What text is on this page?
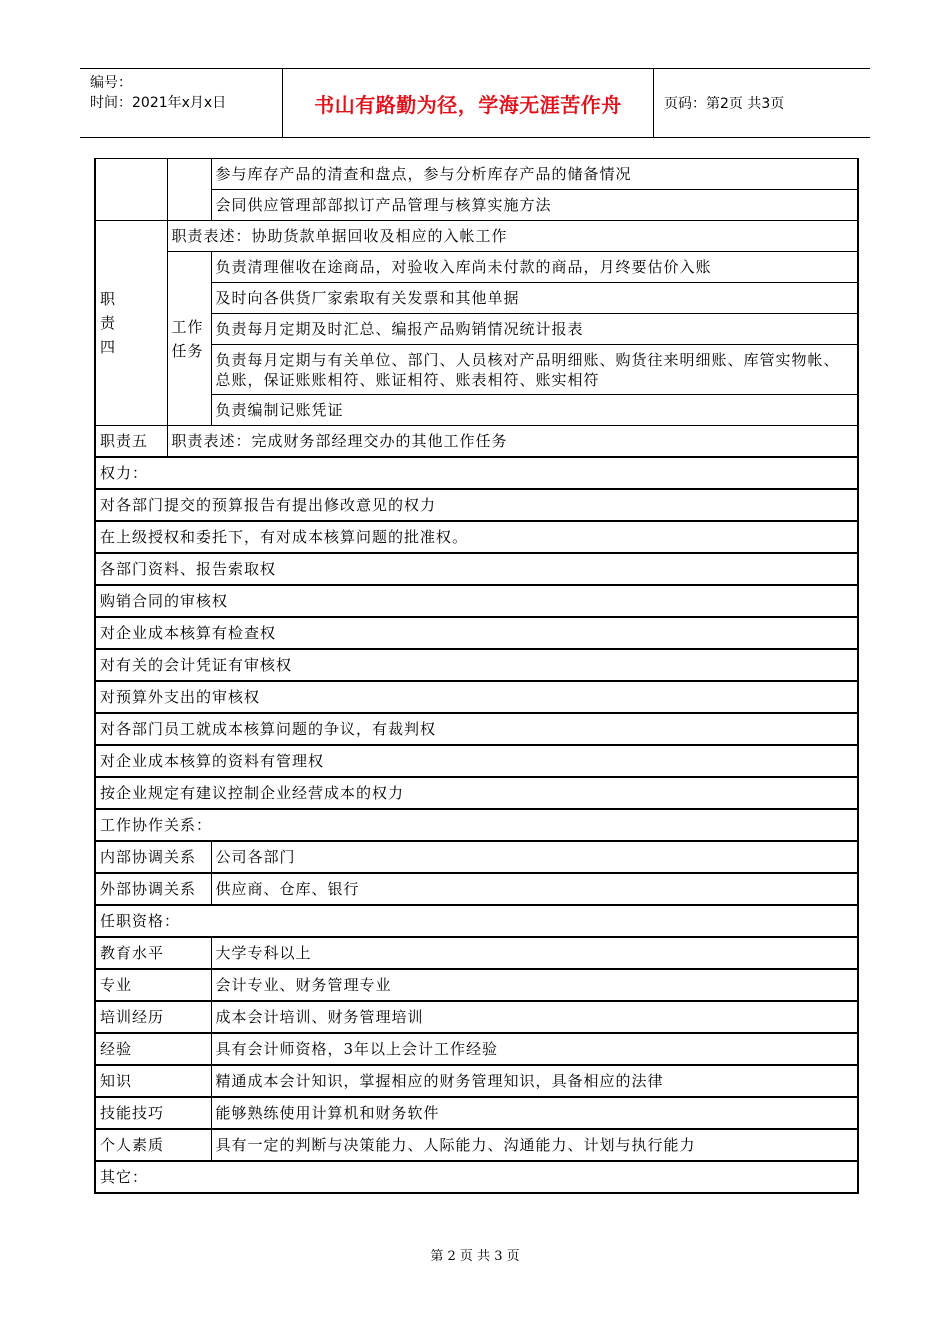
编号：
时间：2021年x月x日	书山有路勤为径，学海无涯苦作舟	页码：第2页 共3页
		参与库存产品的清查和盘点，参与分析库存产品的储备情况
		会同供应管理部部拟订产品管理与核算实施方法
职
责
四	职责表述：协助货款单据回收及相应的入帐工作	
	工作
任务	负责清理催收在途商品，对验收入库尚未付款的商品，月终要估价入账
		及时向各供货厂家索取有关发票和其他单据
		负责每月定期及时汇总、编报产品购销情况统计报表
		负责每月定期与有关单位、部门、人员核对产品明细账、购货往来明细账、库管实物帐、总账，保证账账相符、账证相符、账表相符、账实相符
		负责编制记账凭证
职责五	职责表述：完成财务部经理交办的其他工作任务	
权力：		
对各部门提交的预算报告有提出修改意见的权力		
在上级授权和委托下，有对成本核算问题的批准权。		
各部门资料、报告索取权		
购销合同的审核权		
对企业成本核算有检查权		
对有关的会计凭证有审核权		
对预算外支出的审核权		
对各部门员工就成本核算问题的争议，有裁判权		
对企业成本核算的资料有管理权		
按企业规定有建议控制企业经营成本的权力		
工作协作关系：		
内部协调关系		公司各部门
外部协调关系		供应商、仓库、银行
任职资格：		
教育水平		大学专科以上
专业		会计专业、财务管理专业
培训经历		成本会计培训、财务管理培训
经验		具有会计师资格，3年以上会计工作经验
知识		精通成本会计知识，掌握相应的财务管理知识，具备相应的法律
技能技巧		能够熟练使用计算机和财务软件
个人素质		具有一定的判断与决策能力、人际能力、沟通能力、计划与执行能力
其它：		
第 2 页 共 3 页
